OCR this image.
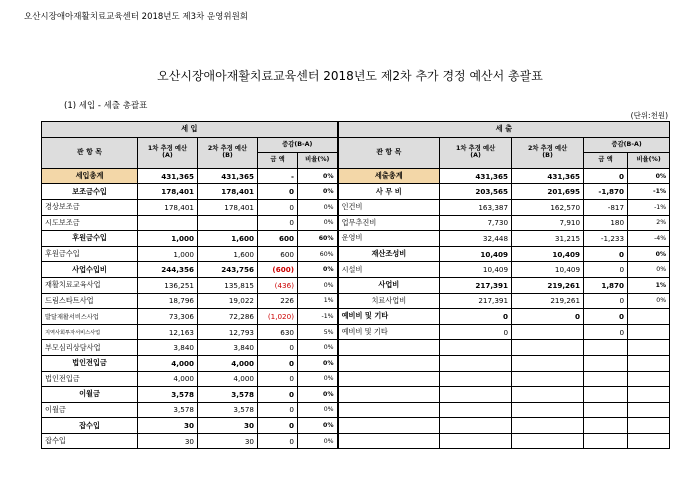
오산시장애아재활치료교육센터 2018년도 제3차 운영위원회
오산시장애아재활치료교육센터 2018년도 제2차 추가 경정 예산서 총괄표
(1) 세입 - 세출 총괄표
(단위:천원)
세 입					세 출				
관 항 목	1차 추경 예산
(A)	2차 추경 예산
(B)	증감(B-A)		관 항 목	1차 추경 예산
(A)	2차 추경 예산
(B)	증감(B-A)	
			금 액	비율(%)				금 액	비율(%)
세입총계	431,365	431,365	-	0%	세출총계	431,365	431,365	0	0%
보조금수입	178,401	178,401	0	0%	사 무 비	203,565	201,695	-1,870	-1%
경상보조금	178,401	178,401	0	0%	인건비	163,387	162,570	-817	-1%
시도보조금			0	0%	업무추진비	7,730	7,910	180	2%
후원금수입	1,000	1,600	600	60%	운영비	32,448	31,215	-1,233	-4%
후원금수입	1,000	1,600	600	60%	재산조성비	10,409	10,409	0	0%
사업수입비	244,356	243,756	(600)	0%	시설비	10,409	10,409	0	0%
재활치료교육사업	136,251	135,815	(436)	0%	사업비	217,391	219,261	1,870	1%
드림스타트사업	18,796	19,022	226	1%	치료사업비	217,391	219,261	0	0%
발달재활서비스사업	73,306	72,286	(1,020)	-1%	예비비 및 기타	0	0	0	
지역사회투자서비스사업	12,163	12,793	630	5%	예비비 및 기타	0		0	
부모심리상담사업	3,840	3,840	0	0%					
법인전입금	4,000	4,000	0	0%					
법인전입금	4,000	4,000	0	0%					
이월금	3,578	3,578	0	0%					
이월금	3,578	3,578	0	0%					
잡수입	30	30	0	0%					
잡수입	30	30	0	0%					
